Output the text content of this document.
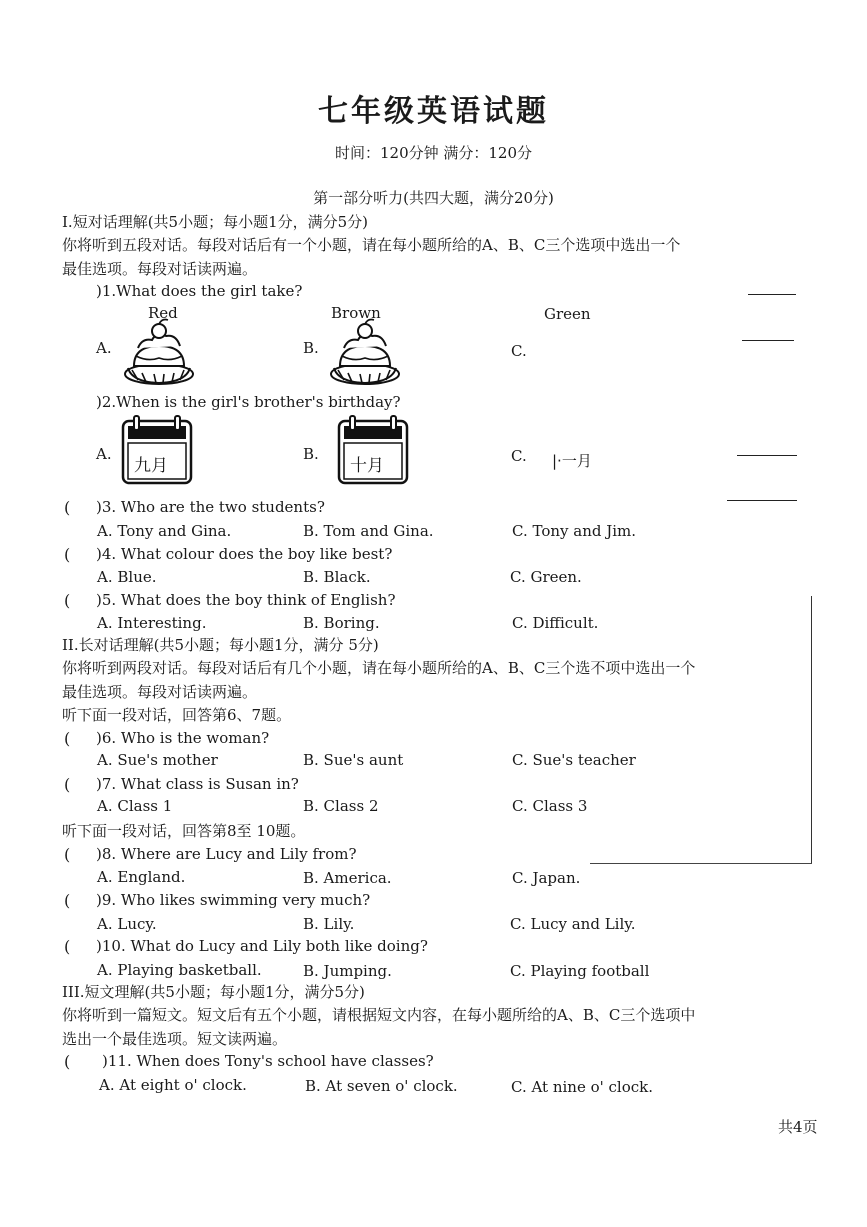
七年级英语试题
时间：120分钟 满分：120分
第一部分听力(共四大题，满分20分)
I.短对话理解(共5小题；每小题1分，满分5分)
你将听到五段对话。每段对话后有一个小题，请在每小题所给的A、B、C三个选项中选出一个
最佳选项。每段对话读两遍。
)1.What does the girl take?
Red	Brown	Green
A.	B.	C.
)2.When is the girl's brother's birthday?
A.
九月
B.
十月	C. |·一月
( )3. Who are the two students?
A. Tony and Gina.	B. Tom and Gina.	C. Tony and Jim.
( )4. What colour does the boy like best?
A. Blue.	B. Black.	C. Green.
( )5. What does the boy think of English?
A. Interesting.	B. Boring.	C. Difficult.
II.长对话理解(共5小题；每小题1分，满分 5分)
你将听到两段对话。每段对话后有几个小题，请在每小题所给的A、B、C三个选不项中选出一个
最佳选项。每段对话读两遍。
听下面一段对话，回答第6、7题。
( )6. Who is the woman?
A. Sue's mother	B. Sue's aunt	C. Sue's teacher
( )7. What class is Susan in?
A. Class 1	B. Class 2	C. Class 3
听下面一段对话，回答第8至 10题。
( )8. Where are Lucy and Lily from?
A. England.	B. America.	C. Japan.
( )9. Who likes swimming very much?
A. Lucy.	B. Lily.	C. Lucy and Lily.
( )10. What do Lucy and Lily both like doing?
A. Playing basketball.	B. Jumping.	C. Playing football
III.短文理解(共5小题；每小题1分，满分5分)
你将听到一篇短文。短文后有五个小题，请根据短文内容，在每小题所给的A、B、C三个选项中
选出一个最佳选项。短文读两遍。
( )11. When does Tony's school have classes?
A. At eight o' clock.	B. At seven o' clock.	C. At nine o' clock.
共4页
